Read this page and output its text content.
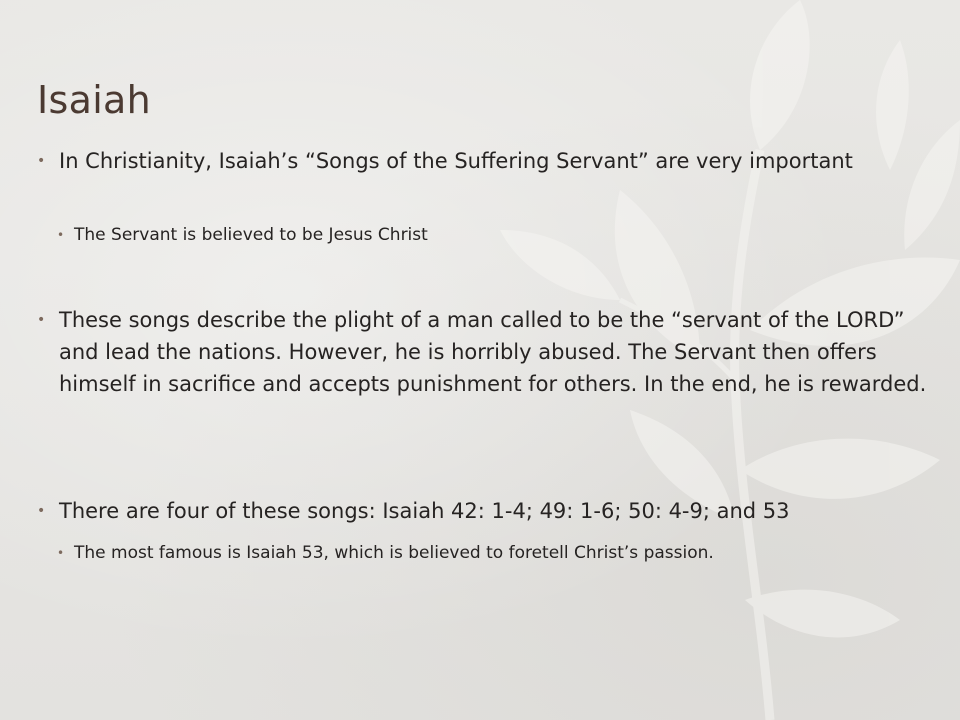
Isaiah
• In Christianity, Isaiah’s “Songs of the Suffering Servant” are very important
• The Servant is believed to be Jesus Christ
• These songs describe the plight of a man called to be the “servant of the LORD” and lead the nations. However, he is horribly abused. The Servant then offers himself in sacrifice and accepts punishment for others. In the end, he is rewarded.
• There are four of these songs: Isaiah 42: 1-4; 49: 1-6; 50: 4-9; and 53
• The most famous is Isaiah 53, which is believed to foretell Christ’s passion.
